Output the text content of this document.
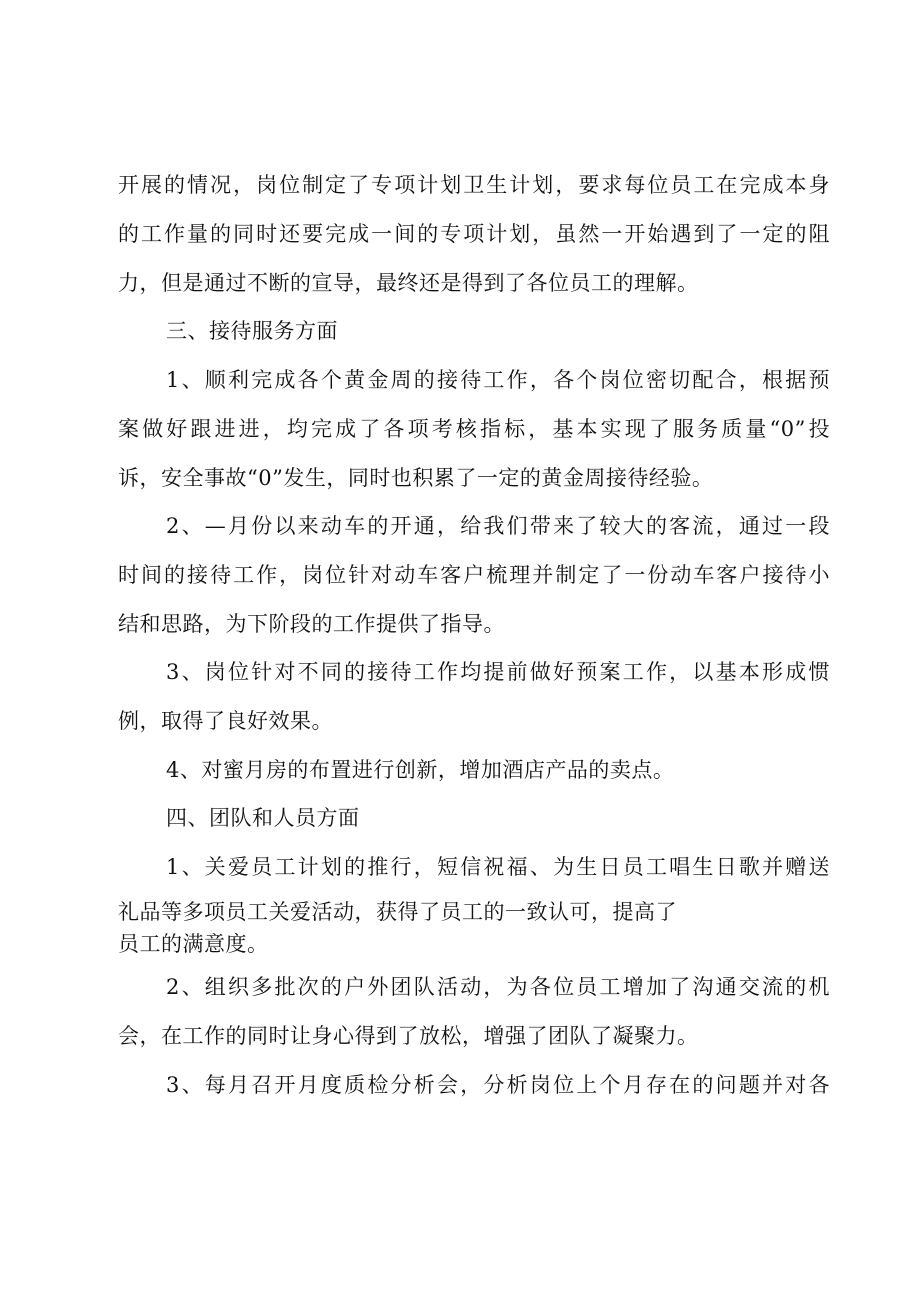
开展的情况，岗位制定了专项计划卫生计划，要求每位员工在完成本身
的工作量的同时还要完成一间的专项计划，虽然一开始遇到了一定的阻
力，但是通过不断的宣导，最终还是得到了各位员工的理解。
三、接待服务方面
1、顺利完成各个黄金周的接待工作，各个岗位密切配合，根据预
案做好跟进进，均完成了各项考核指标，基本实现了服务质量“0”投
诉，安全事故“0”发生，同时也积累了一定的黄金周接待经验。
2、—月份以来动车的开通，给我们带来了较大的客流，通过一段
时间的接待工作，岗位针对动车客户梳理并制定了一份动车客户接待小
结和思路，为下阶段的工作提供了指导。
3、岗位针对不同的接待工作均提前做好预案工作，以基本形成惯
例，取得了良好效果。
4、对蜜月房的布置进行创新，增加酒店产品的卖点。
四、团队和人员方面
1、关爱员工计划的推行，短信祝福、为生日员工唱生日歌并赠送
礼品等多项员工关爱活动，获得了员工的一致认可，提高了
员工的满意度。
2、组织多批次的户外团队活动，为各位员工增加了沟通交流的机
会，在工作的同时让身心得到了放松，增强了团队了凝聚力。
3、每月召开月度质检分析会，分析岗位上个月存在的问题并对各
